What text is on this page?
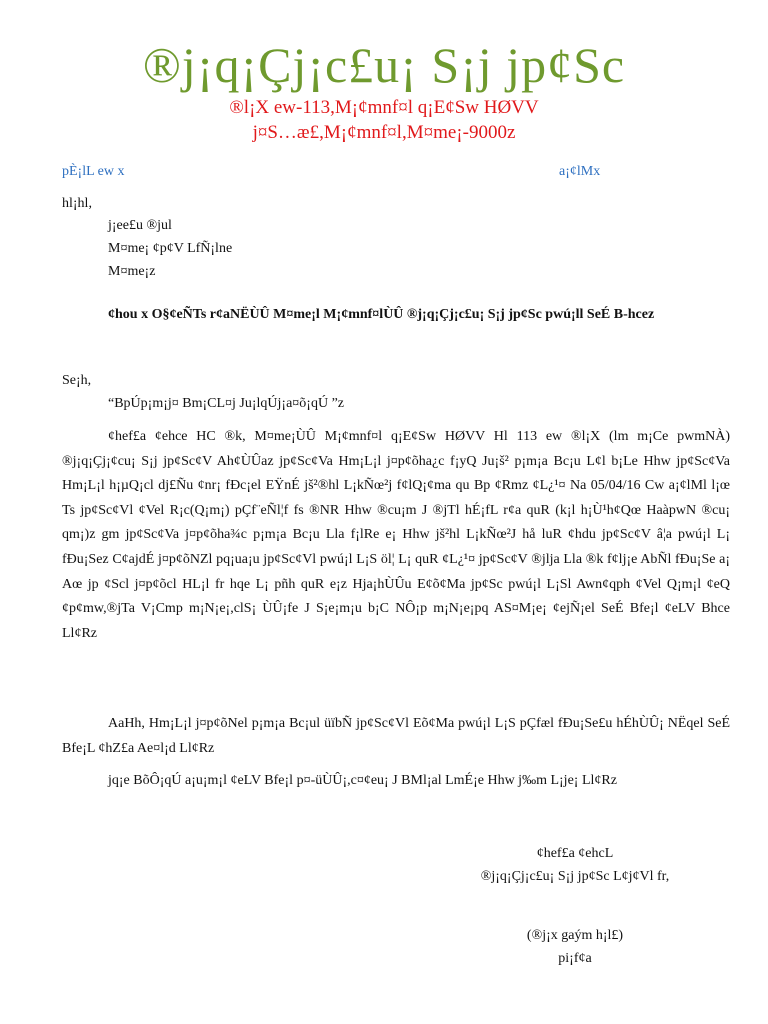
®j¡q¡Çj¡c£u¡ S¡j jp¢Sc
®l¡X ew-113,M¡¢mnf¤l q¡E¢Sw HØVV
j¤S…æ£,M¡¢mnf¤l,M¤me¡-9000z
pÈ¡lL ew x	a¡¢lMx
hl¡hl,
j¡ee£u ®jul
M¤me¡ ¢p¢V LfÑ¡lne
M¤me¡z
¢hou x O§¢eÑTs r¢aNËÙÛ M¤me¡l M¡¢mnf¤lÙÛ ®j¡q¡Çj¡c£u¡ S¡j jp¢Sc pwú¡ll SeÉ B-hcez
Se¡h,
“BpÚp¡m¡j¤ Bm¡CL¤j Ju¡lqÚj¡a¤õ¡qÚ ”z
¢hef£a ¢ehce HC ®k, M¤me¡ÙÛ M¡¢mnf¤l q¡E¢Sw HØVV Hl 113 ew ®l¡X (lm m¡Ce pwmNÀ) ®j¡q¡Çj¡¢cu¡ S¡j jp¢Sc¢V Ah¢ÙÛaz jp¢Sc¢Va Hm¡L¡l j¤p¢õha¿c f¡yQ Ju¡š² p¡m¡a Bc¡u L¢l b¡Le Hhw jp¢Sc¢Va Hm¡L¡l h¡µQ¡cl dj£Ñu ¢nr¡ fÐc¡el EŸnÉ jš²®hl L¡kÑœ²j f¢lQ¡¢ma qu Bp ¢Rmz ¢L¿¹¤ Na 05/04/16 Cw a¡¢lMl l¡œ Ts jp¢Sc¢Vl ¢Vel R¡c(Q¡m¡) pÇf¨eÑl¦f fs ®NR Hhw ®cu¡m J ®jTl hÉ¡fL r¢a quR (k¡l h¡Ù¹h¢Qœ HaàpwN ®cu¡ qm¡)z gm jp¢Sc¢Va j¤p¢õha¾c p¡m¡a Bc¡u Lla f¡lRe e¡ Hhw jš²hl L¡kÑœ²J hå luR ¢hdu jp¢Sc¢V â¦a pwú¡l L¡ fÐu¡Sez C¢ajdÉ j¤p¢õNZl pq¡ua¡u jp¢Sc¢Vl pwú¡l L¡S öl¦ L¡ quR ¢L¿¹¤ jp¢Sc¢V ®jlja Lla ®k f¢lj¡e AbÑl fÐu¡Se a¡ Aœ jp ¢Scl j¤p¢õcl HL¡l fr hqe L¡ pñh quR e¡z Hja¡hÙÛu E¢õ¢Ma jp¢Sc pwú¡l L¡Sl Awn¢qph ¢Vel Q¡m¡l ¢eQ ¢p¢mw,®jTa V¡Cmp m¡N¡e¡,clS¡ ÙÛ¡fe J S¡e¡m¡u b¡C NÔ¡p m¡N¡e¡pq AS¤M¡e¡ ¢ejÑ¡el SeÉ Bfe¡l ¢eLV Bhce Ll¢Rz
AaHh, Hm¡L¡l j¤p¢õNel p¡m¡a Bc¡ul üïbÑ jp¢Sc¢Vl Eõ¢Ma pwú¡l L¡S pÇfæl fÐu¡Se£u hÉhÙÛ¡ NËqel SeÉ Bfe¡L ¢hZ£a Ae¤l¡d Ll¢Rz
jq¡e BõÔ¡qÚ a¡u¡m¡l ¢eLV Bfe¡l p¤-üÙÛ¡,c¤¢eu¡ J BMl¡al LmÉ¡e Hhw j‰m L¡je¡ Ll¢Rz
¢hef£a ¢ehcL
®j¡q¡Çj¡c£u¡ S¡j jp¢Sc L¢j¢Vl fr,
(®j¡x gaým h¡l£)
pi¡f¢a
